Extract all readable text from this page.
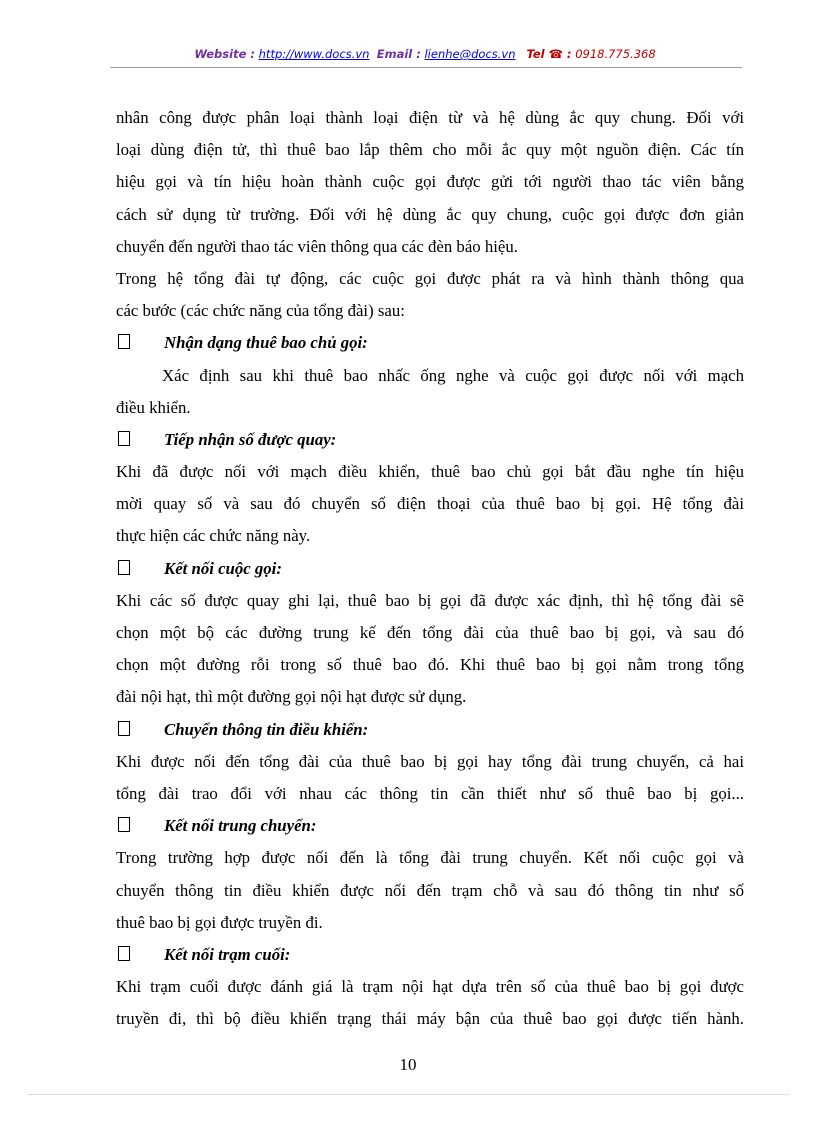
Website : http://www.docs.vn Email : lienhe@docs.vn Tel ☎ : 0918.775.368
nhân công được phân loại thành loại điện từ và hệ dùng ắc quy chung. Đối với
loại dùng điện tử, thì thuê bao lắp thêm cho mỗi ắc quy một nguồn điện. Các tín
hiệu gọi và tín hiệu hoàn thành cuộc gọi được gửi tới người thao tác viên bằng
cách sử dụng từ trường. Đối với hệ dùng ắc quy chung, cuộc gọi được đơn giản
chuyển đến người thao tác viên thông qua các đèn báo hiệu.
Trong hệ tổng đài tự động, các cuộc gọi được phát ra và hình thành thông qua
các bước (các chức năng của tổng đài) sau:
Nhận dạng thuê bao chủ gọi:
Xác định sau khi thuê bao nhấc ống nghe và cuộc gọi được nối với mạch
điều khiển.
Tiếp nhận số được quay:
Khi đã được nối với mạch điều khiển, thuê bao chủ gọi bắt đầu nghe tín hiệu
mời quay số và sau đó chuyển số điện thoại của thuê bao bị gọi. Hệ tổng đài
thực hiện các chức năng này.
Kết nối cuộc gọi:
Khi các số được quay ghi lại, thuê bao bị gọi đã được xác định, thì hệ tổng đài sẽ
chọn một bộ các đường trung kế đến tổng đài của thuê bao bị gọi, và sau đó
chọn một đường rỗi trong số thuê bao đó. Khi thuê bao bị gọi nằm trong tổng
đài nội hạt, thì một đường gọi nội hạt được sử dụng.
Chuyển thông tin điều khiển:
Khi được nối đến tổng đài của thuê bao bị gọi hay tổng đài trung chuyển, cả hai
tổng đài trao đổi với nhau các thông tin cần thiết như số thuê bao bị gọi...
Kết nối trung chuyển:
Trong trường hợp được nối đến là tổng đài trung chuyển. Kết nối cuộc gọi và
chuyển thông tin điều khiển được nối đến trạm chỗ và sau đó thông tin như số
thuê bao bị gọi được truyền đi.
Kết nối trạm cuối:
Khi trạm cuối được đánh giá là trạm nội hạt dựa trên số của thuê bao bị gọi được
truyền đi, thì bộ điều khiển trạng thái máy bận của thuê bao gọi được tiến hành.
10
